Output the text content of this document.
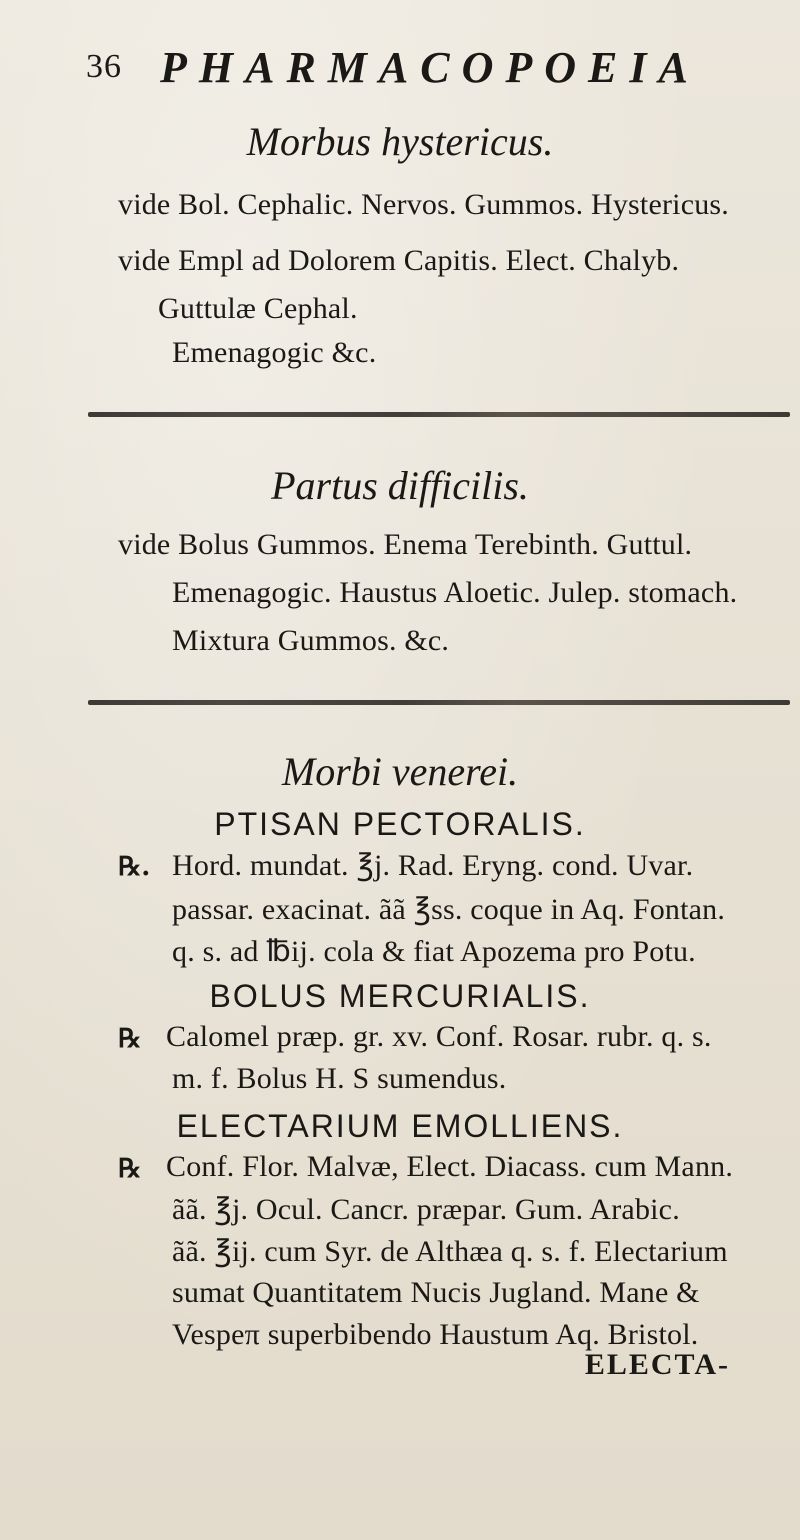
36 PHARMACOPOEIA
Morbus hystericus.
vide Bol. Cephalic. Nervos. Gummos. Hystericus.
vide Empl ad Dolorem Capitis. Elect. Chalyb.
Guttulæ Cephal.
Emenagogic &c.
Partus difficilis.
vide Bolus Gummos. Enema Terebinth. Guttul.
Emenagogic. Haustus Aloetic. Julep. stomach.
Mixtura Gummos. &c.
Morbi venerei.
PTISAN PECTORALIS.
℞. Hord. mundat. ℥j. Rad. Eryng. cond. Uvar.
passar. exacinat. ãã ℥ss. coque in Aq. Fontan.
q. s. ad ℔ij. cola & fiat Apozema pro Potu.
BOLUS MERCURIALIS.
℞ Calomel præp. gr. xv. Conf. Rosar. rubr. q. s.
m. f. Bolus H. S sumendus.
ELECTARIUM EMOLLIENS.
℞ Conf. Flor. Malvæ, Elect. Diacass. cum Mann.
ãã. ℥j. Ocul. Cancr. præpar. Gum. Arabic.
ãã. ℥ij. cum Syr. de Althæa q. s. f. Electarium
sumat Quantitatem Nucis Jugland. Mane &
Vespeπ superbibendo Haustum Aq. Bristol.
ELECTA-
